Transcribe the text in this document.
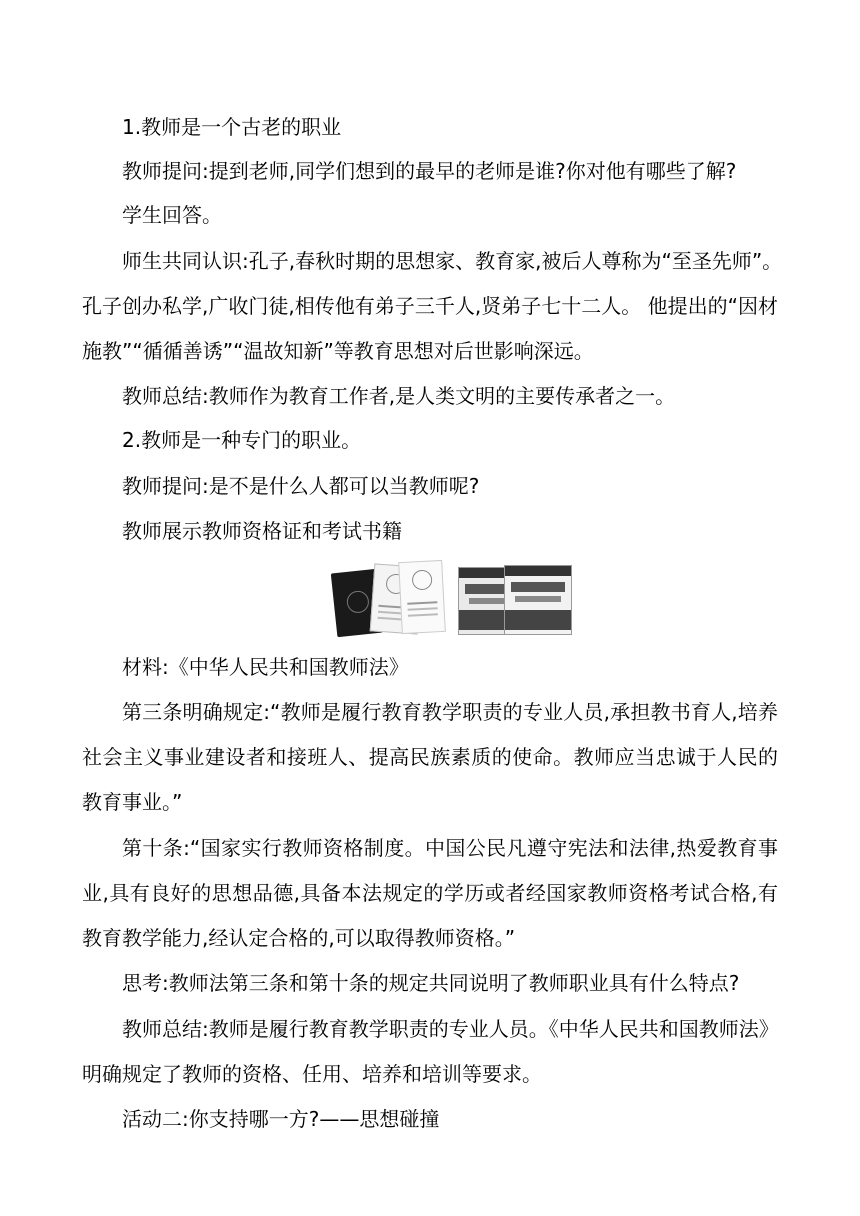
1.教师是一个古老的职业
教师提问:提到老师,同学们想到的最早的老师是谁?你对他有哪些了解?
学生回答。
师生共同认识:孔子,春秋时期的思想家、教育家,被后人尊称为“至圣先师”。
孔子创办私学,广收门徒,相传他有弟子三千人,贤弟子七十二人。 他提出的“因材
施教”“循循善诱”“温故知新”等教育思想对后世影响深远。
教师总结:教师作为教育工作者,是人类文明的主要传承者之一。
2.教师是一种专门的职业。
教师提问:是不是什么人都可以当教师呢?
教师展示教师资格证和考试书籍
材料:《中华人民共和国教师法》
第三条明确规定:“教师是履行教育教学职责的专业人员,承担教书育人,培养
社会主义事业建设者和接班人、提高民族素质的使命。教师应当忠诚于人民的
教育事业。”
第十条:“国家实行教师资格制度。中国公民凡遵守宪法和法律,热爱教育事
业,具有良好的思想品德,具备本法规定的学历或者经国家教师资格考试合格,有
教育教学能力,经认定合格的,可以取得教师资格。”
思考:教师法第三条和第十条的规定共同说明了教师职业具有什么特点?
教师总结:教师是履行教育教学职责的专业人员。《中华人民共和国教师法》
明确规定了教师的资格、任用、培养和培训等要求。
活动二:你支持哪一方?——思想碰撞
